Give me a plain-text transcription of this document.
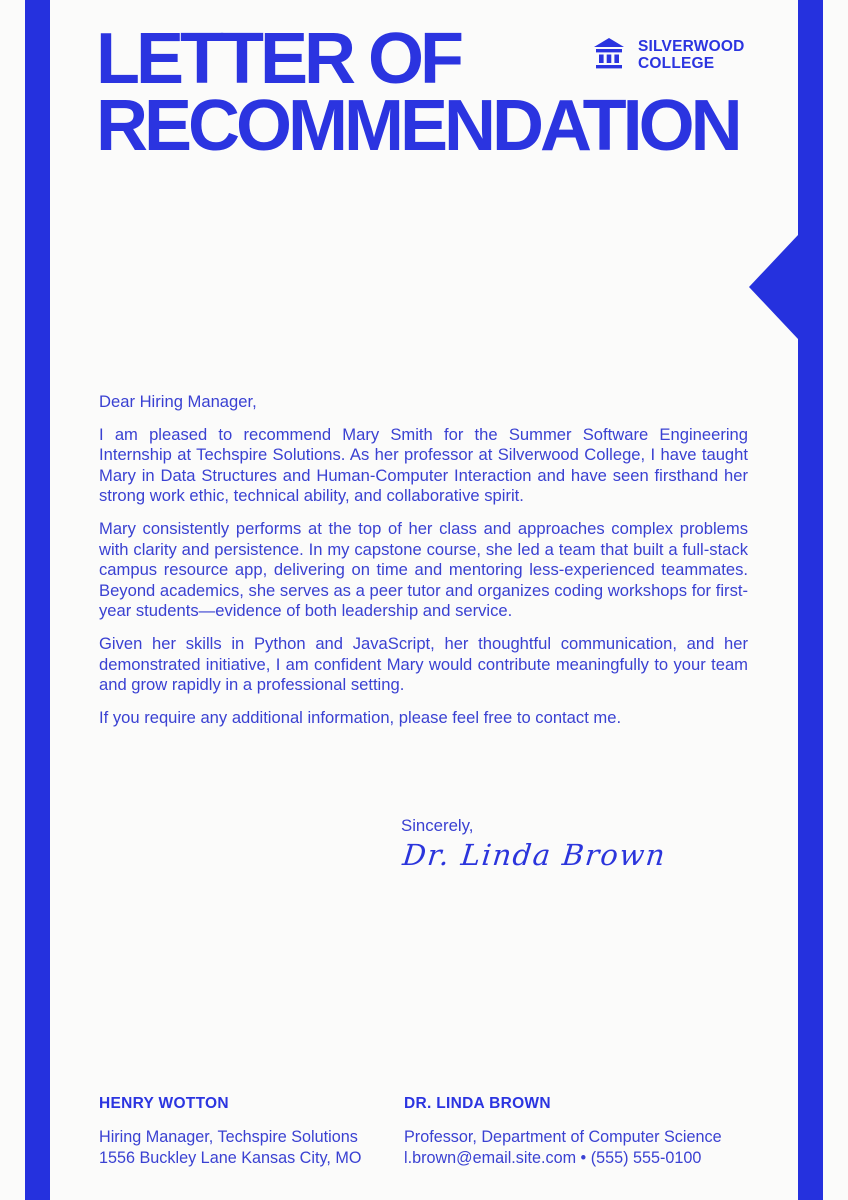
LETTER OF
RECOMMENDATION
SILVERWOOD
COLLEGE

Dear Hiring Manager,

I am pleased to recommend Mary Smith for the Summer Software Engineering Internship at Techspire Solutions. As her professor at Silverwood College, I have taught Mary in Data Structures and Human-Computer Interaction and have seen firsthand her strong work ethic, technical ability, and collaborative spirit.

Mary consistently performs at the top of her class and approaches complex problems with clarity and persistence. In my capstone course, she led a team that built a full-stack campus resource app, delivering on time and mentoring less-experienced teammates. Beyond academics, she serves as a peer tutor and organizes coding workshops for first-year students—evidence of both leadership and service.

Given her skills in Python and JavaScript, her thoughtful communication, and her demonstrated initiative, I am confident Mary would contribute meaningfully to your team and grow rapidly in a professional setting.

If you require any additional information, please feel free to contact me.

Sincerely,
Dr. Linda Brown
HENRY WOTTON
Hiring Manager, Techspire Solutions
1556 Buckley Lane Kansas City, MO
DR. LINDA BROWN
Professor, Department of Computer Science
l.brown@email.site.com • (555) 555-0100
